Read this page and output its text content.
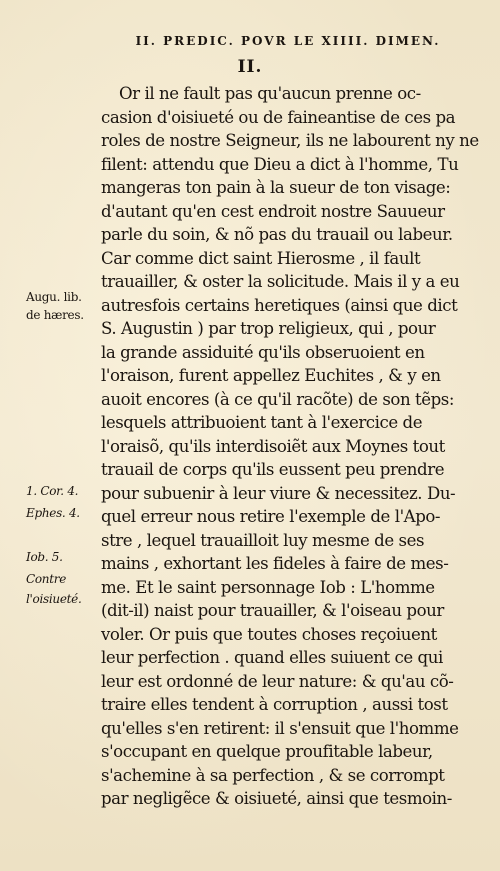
II. PREDIC. POVR LE XIIII. DIMEN.
II.
Augu. lib.
de hæres.
1. Cor. 4.
Ephes. 4.
Iob. 5.
Contre
l'oisiueté.
Or il ne fault pas qu'aucun prenne oc-
casion d'oisiueté ou de faineantise de ces pa
roles de nostre Seigneur, ils ne labourent ny ne
filent: attendu que Dieu a dict à l'homme, Tu
mangeras ton pain à la sueur de ton visage:
d'autant qu'en cest endroit nostre Sauueur
parle du soin, & nõ pas du trauail ou labeur.
Car comme dict saint Hierosme , il fault
trauailler, & oster la solicitude. Mais il y a eu
autresfois certains heretiques (ainsi que dict
S. Augustin ) par trop religieux, qui , pour
la grande assiduité qu'ils obseruoient en
l'oraison, furent appellez Euchites , & y en
auoit encores (à ce qu'il racõte) de son tẽps:
lesquels attribuoient tant à l'exercice de
l'oraisõ, qu'ils interdisoiẽt aux Moynes tout
trauail de corps qu'ils eussent peu prendre
pour subuenir à leur viure & necessitez. Du-
quel erreur nous retire l'exemple de l'Apo-
stre , lequel trauailloit luy mesme de ses
mains , exhortant les fideles à faire de mes-
me. Et le saint personnage Iob : L'homme
(dit-il) naist pour trauailler, & l'oiseau pour
voler. Or puis que toutes choses reçoiuent
leur perfection . quand elles suiuent ce qui
leur est ordonné de leur nature: & qu'au cõ-
traire elles tendent à corruption , aussi tost
qu'elles s'en retirent: il s'ensuit que l'homme
s'occupant en quelque proufitable labeur,
s'achemine à sa perfection , & se corrompt
par negligẽce & oisiueté, ainsi que tesmoin-
